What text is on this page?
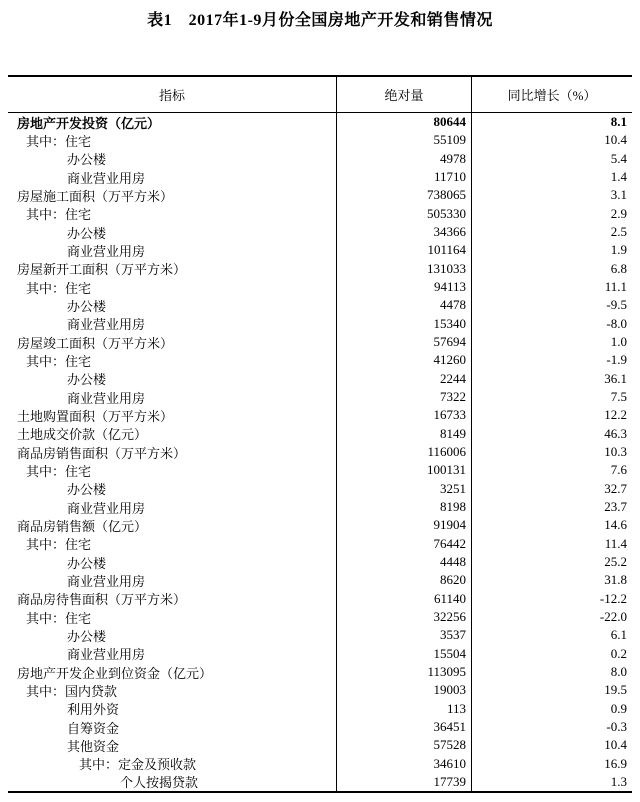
表1　2017年1-9月份全国房地产开发和销售情况
指标	绝对量	同比增长（%）
房地产开发投资（亿元）	80644	8.1
其中：住宅	55109	10.4
办公楼	4978	5.4
商业营业用房	11710	1.4
房屋施工面积（万平方米）	738065	3.1
其中：住宅	505330	2.9
办公楼	34366	2.5
商业营业用房	101164	1.9
房屋新开工面积（万平方米）	131033	6.8
其中：住宅	94113	11.1
办公楼	4478	-9.5
商业营业用房	15340	-8.0
房屋竣工面积（万平方米）	57694	1.0
其中：住宅	41260	-1.9
办公楼	2244	36.1
商业营业用房	7322	7.5
土地购置面积（万平方米）	16733	12.2
土地成交价款（亿元）	8149	46.3
商品房销售面积（万平方米）	116006	10.3
其中：住宅	100131	7.6
办公楼	3251	32.7
商业营业用房	8198	23.7
商品房销售额（亿元）	91904	14.6
其中：住宅	76442	11.4
办公楼	4448	25.2
商业营业用房	8620	31.8
商品房待售面积（万平方米）	61140	-12.2
其中：住宅	32256	-22.0
办公楼	3537	6.1
商业营业用房	15504	0.2
房地产开发企业到位资金（亿元）	113095	8.0
其中：国内贷款	19003	19.5
利用外资	113	0.9
自筹资金	36451	-0.3
其他资金	57528	10.4
其中：定金及预收款	34610	16.9
个人按揭贷款	17739	1.3
